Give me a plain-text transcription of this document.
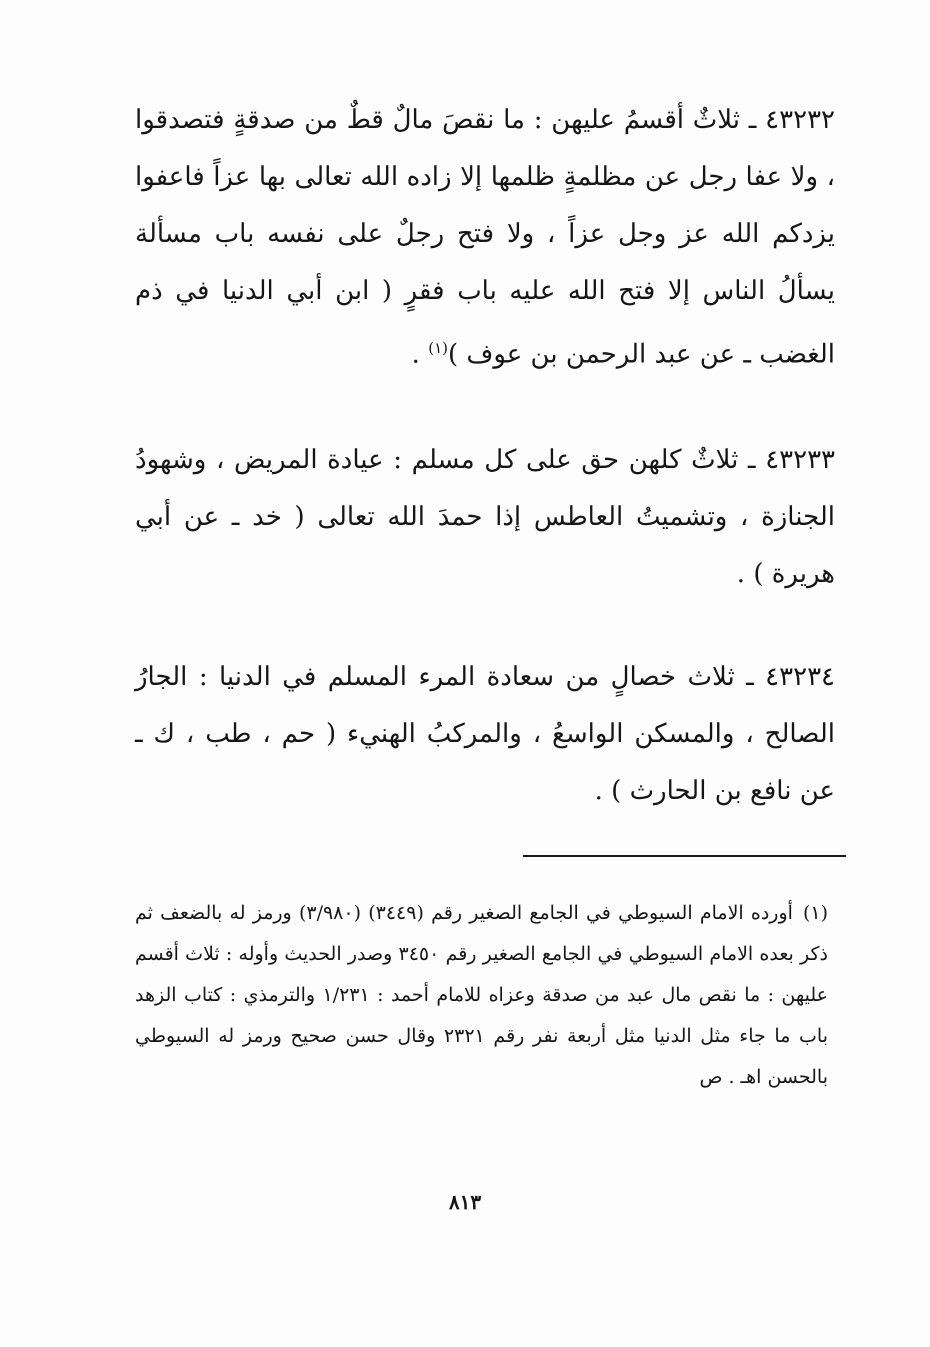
٤٣٢٣٢ ـ ثلاثٌ أقسمُ عليهن : ما نقصَ مالٌ قطٌ من صدقةٍ فتصدقوا ، ولا عفا رجل عن مظلمةٍ ظلمها إلا زاده الله تعالى بها عزاً فاعفوا يزدكم الله عز وجل عزاً ، ولا فتح رجلٌ على نفسه باب مسألة يسألُ الناس إلا فتح الله عليه باب فقرٍ ( ابن أبي الدنيا في ذم الغضب ـ عن عبد الرحمن بن عوف )$^{(١)}$ .

٤٣٢٣٣ ـ ثلاثٌ كلهن حق على كل مسلم : عيادة المريض ، وشهودُ الجنازة ، وتشميتُ العاطس إذا حمدَ الله تعالى ( خد ـ عن أبي هريرة ) .

٤٣٢٣٤ ـ ثلاث خصالٍ من سعادة المرء المسلم في الدنيا : الجارُ الصالح ، والمسكن الواسعُ ، والمركبُ الهنيء ( حم ، طب ، ك ـ عن نافع بن الحارث ) .

(١)أورده الامام السيوطي في الجامع الصغير رقم (٣٤٤٩) (٣/٩٨٠) ورمز له بالضعف ثم ذكر بعده الامام السيوطي في الجامع الصغير رقم ٣٤٥٠ وصدر الحديث وأوله : ثلاث أقسم عليهن : ما نقص مال عبد من صدقة وعزاه للامام أحمد : ١/٢٣١ والترمذي : كتاب الزهد باب ما جاء مثل الدنيا مثل أربعة نفر رقم ٢٣٢١ وقال حسن صحيح ورمز له السيوطي بالحسن اهـ . ص

٨١٣
